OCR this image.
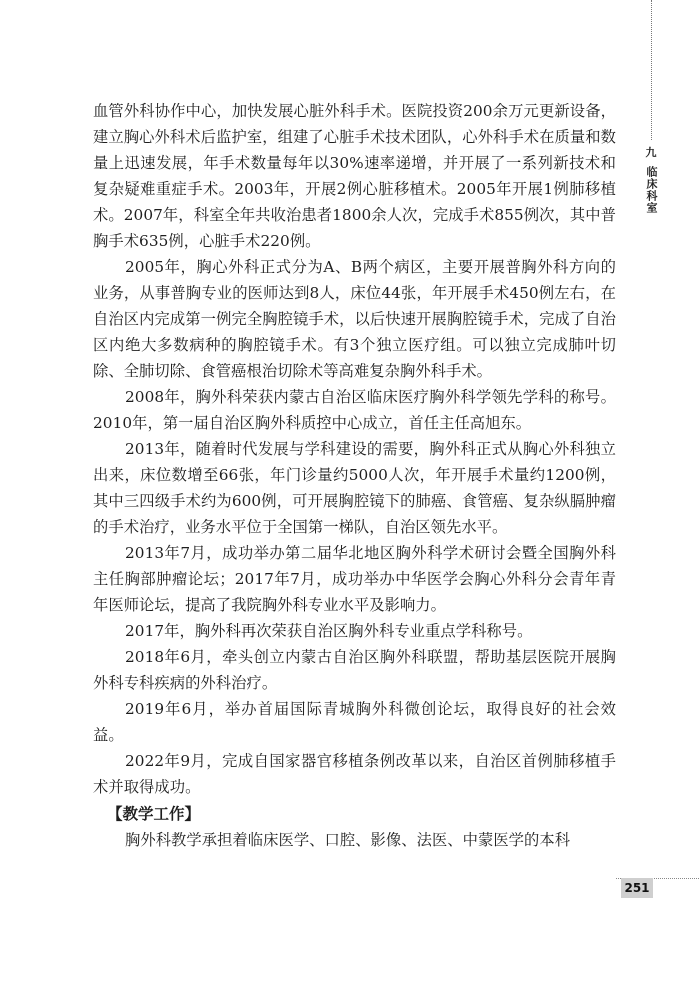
九
临床科室

血管外科协作中心，加快发展心脏外科手术。医院投资200余万元更新设备，建立胸心外科术后监护室，组建了心脏手术技术团队，心外科手术在质量和数量上迅速发展，年手术数量每年以30%速率递增，并开展了一系列新技术和复杂疑难重症手术。2003年，开展2例心脏移植术。2005年开展1例肺移植术。2007年，科室全年共收治患者1800余人次，完成手术855例次，其中普胸手术635例，心脏手术220例。

2005年，胸心外科正式分为A、B两个病区，主要开展普胸外科方向的业务，从事普胸专业的医师达到8人，床位44张，年开展手术450例左右，在自治区内完成第一例完全胸腔镜手术，以后快速开展胸腔镜手术，完成了自治区内绝大多数病种的胸腔镜手术。有3个独立医疗组。可以独立完成肺叶切除、全肺切除、食管癌根治切除术等高难复杂胸外科手术。

2008年，胸外科荣获内蒙古自治区临床医疗胸外科学领先学科的称号。2010年，第一届自治区胸外科质控中心成立，首任主任高旭东。

2013年，随着时代发展与学科建设的需要，胸外科正式从胸心外科独立出来，床位数增至66张，年门诊量约5000人次，年开展手术量约1200例，其中三四级手术约为600例，可开展胸腔镜下的肺癌、食管癌、复杂纵膈肿瘤的手术治疗，业务水平位于全国第一梯队，自治区领先水平。

2013年7月，成功举办第二届华北地区胸外科学术研讨会暨全国胸外科主任胸部肿瘤论坛；2017年7月，成功举办中华医学会胸心外科分会青年青年医师论坛，提高了我院胸外科专业水平及影响力。

2017年，胸外科再次荣获自治区胸外科专业重点学科称号。

2018年6月，牵头创立内蒙古自治区胸外科联盟，帮助基层医院开展胸外科专科疾病的外科治疗。

2019年6月，举办首届国际青城胸外科微创论坛，取得良好的社会效益。

2022年9月，完成自国家器官移植条例改革以来，自治区首例肺移植手术并取得成功。

【教学工作】

胸外科教学承担着临床医学、口腔、影像、法医、中蒙医学的本科

251
